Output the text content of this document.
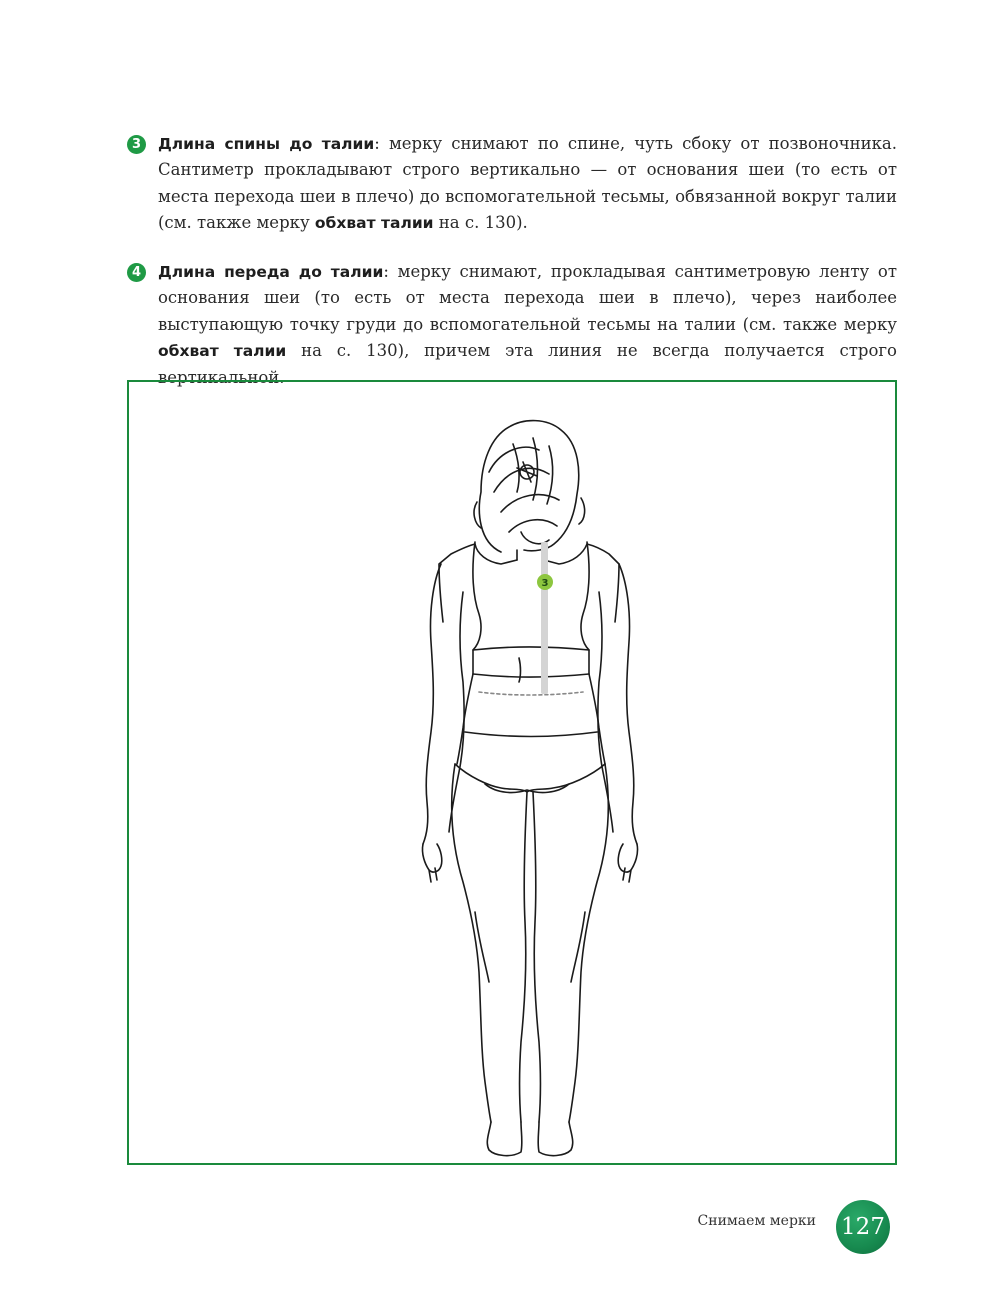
3	Длина спины до талии: мерку снимают по спине, чуть сбоку от позвоночника. Сантиметр прокладывают строго вертикально — от основания шеи (то есть от места перехода шеи в плечо) до вспомогательной тесьмы, обвязанной вокруг талии (см. также мерку обхват талии на с. 130).

4	Длина переда до талии: мерку снимают, прокладывая сантиметровую ленту от основания шеи (то есть от места перехода шеи в плечо), через наиболее выступающую точку груди до вспомогательной тесьмы на талии (см. также мерку обхват талии на с. 130), причем эта линия не всегда получается строго вертикальной.

3
Снимаем мерки 127
